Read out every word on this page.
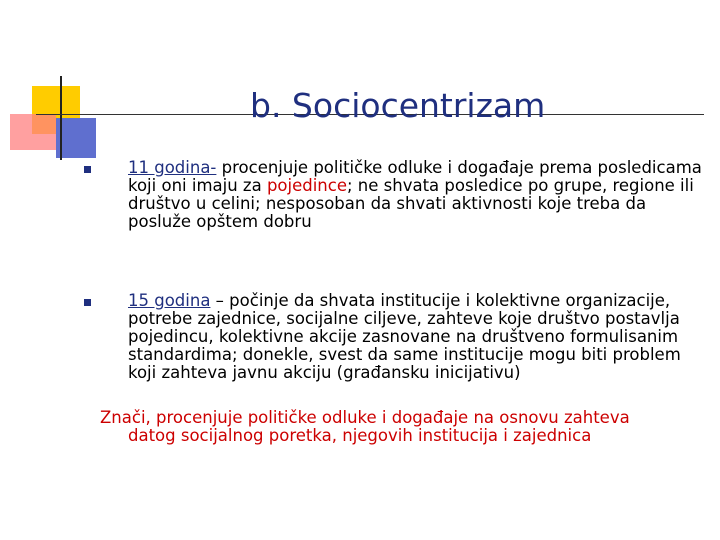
b. Sociocentrizam
11 godina- procenjuje političke odluke i događaje prema posledicama koji oni imaju za pojedince; ne shvata posledice po grupe, regione ili društvo u celini; nesposoban da shvati aktivnosti koje treba da posluže opštem dobru
15 godina – počinje da shvata institucije i kolektivne organizacije, potrebe zajednice, socijalne ciljeve, zahteve koje društvo postavlja pojedincu, kolektivne akcije zasnovane na društveno formulisanim standardima; donekle, svest da same institucije mogu biti problem koji zahteva javnu akciju (građansku inicijativu)
Znači, procenjuje političke odluke i događaje na osnovu zahteva
datog socijalnog poretka, njegovih institucija i zajednica
